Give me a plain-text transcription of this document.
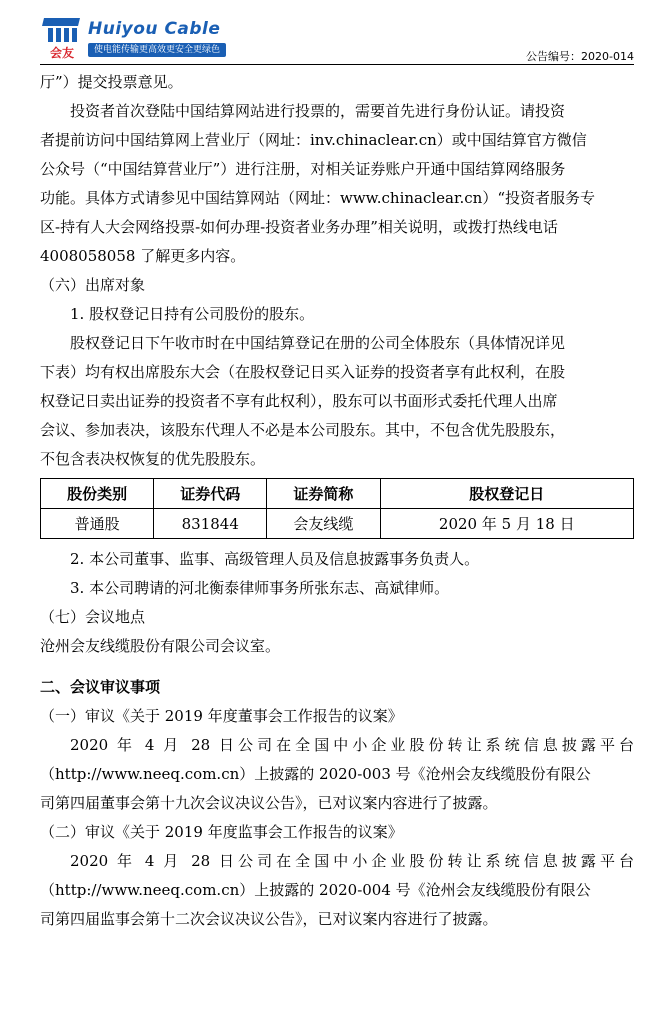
会友
Huiyou Cable
使电能传输更高效更安全更绿色	公告编号：2020-014
厅”）提交投票意见。
投资者首次登陆中国结算网站进行投票的，需要首先进行身份认证。请投资
者提前访问中国结算网上营业厅（网址：inv.chinaclear.cn）或中国结算官方微信
公众号（“中国结算营业厅”）进行注册，对相关证券账户开通中国结算网络服务
功能。具体方式请参见中国结算网站（网址：www.chinaclear.cn）“投资者服务专
区-持有人大会网络投票-如何办理-投资者业务办理”相关说明，或拨打热线电话
4008058058 了解更多内容。
（六）出席对象
1. 股权登记日持有公司股份的股东。
股权登记日下午收市时在中国结算登记在册的公司全体股东（具体情况详见
下表）均有权出席股东大会（在股权登记日买入证券的投资者享有此权利，在股
权登记日卖出证券的投资者不享有此权利），股东可以书面形式委托代理人出席
会议、参加表决，该股东代理人不必是本公司股东。其中，不包含优先股股东，
不包含表决权恢复的优先股股东。
股份类别	证券代码	证券简称	股权登记日
普通股	831844	会友线缆	2020 年 5 月 18 日
2. 本公司董事、监事、高级管理人员及信息披露事务负责人。
3. 本公司聘请的河北衡泰律师事务所张东志、高斌律师。
（七）会议地点
沧州会友线缆股份有限公司会议室。
二、会议审议事项
（一）审议《关于 2019 年度董事会工作报告的议案》
2020 年 4 月 28 日公司在全国中小企业股份转让系统信息披露平台
（http://www.neeq.com.cn）上披露的 2020-003 号《沧州会友线缆股份有限公
司第四届董事会第十九次会议决议公告》，已对议案内容进行了披露。
（二）审议《关于 2019 年度监事会工作报告的议案》
2020 年 4 月 28 日公司在全国中小企业股份转让系统信息披露平台
（http://www.neeq.com.cn）上披露的 2020-004 号《沧州会友线缆股份有限公
司第四届监事会第十二次会议决议公告》，已对议案内容进行了披露。
